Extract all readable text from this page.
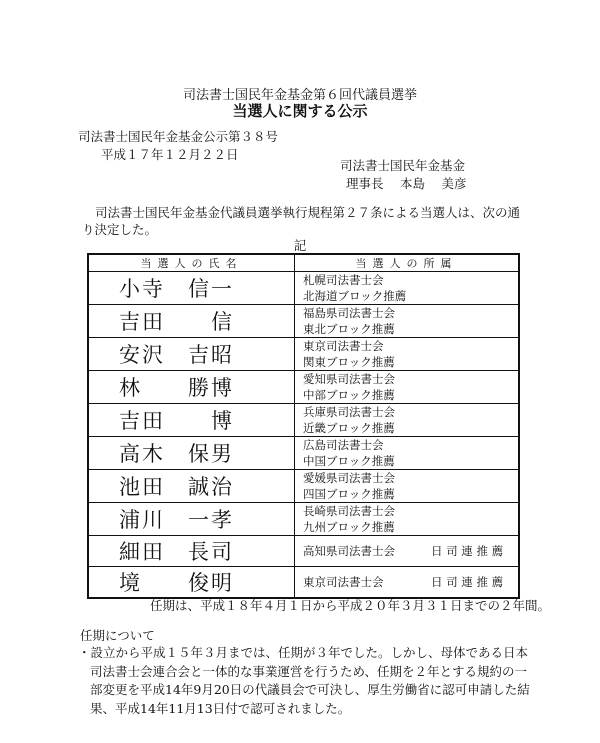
司法書士国民年金基金第６回代議員選挙
当選人に関する公示
司法書士国民年金基金公示第３８号
平成１７年１２月２２日
司法書士国民年金基金
理事長　 本島　 美彦
司法書士国民年金基金代議員選挙執行規程第２７条による当選人は、次の通り決定した。
記
当選人の氏名	当選人の所属
小寺　信一	札幌司法書士会北海道ブロック推薦
吉田　　信	福島県司法書士会東北ブロック推薦
安沢　吉昭	東京司法書士会関東ブロック推薦
林　　勝博	愛知県司法書士会中部ブロック推薦
吉田　　博	兵庫県司法書士会近畿ブロック推薦
高木　保男	広島司法書士会中国ブロック推薦
池田　誠治	愛媛県司法書士会四国ブロック推薦
浦川　一孝	長崎県司法書士会九州ブロック推薦
細田　長司	高知県司法書士会 日 司 連 推 薦
境　　俊明	東京司法書士会 日 司 連 推 薦
任期は、平成１８年４月１日から平成２０年３月３１日までの２年間。
任期について
・設立から平成１５年３月までは、任期が３年でした。しかし、母体である日本司法書士会連合会と一体的な事業運営を行うため、任期を２年とする規約の一部変更を平成14年9月20日の代議員会で可決し、厚生労働省に認可申請した結果、平成14年11月13日付で認可されました。
